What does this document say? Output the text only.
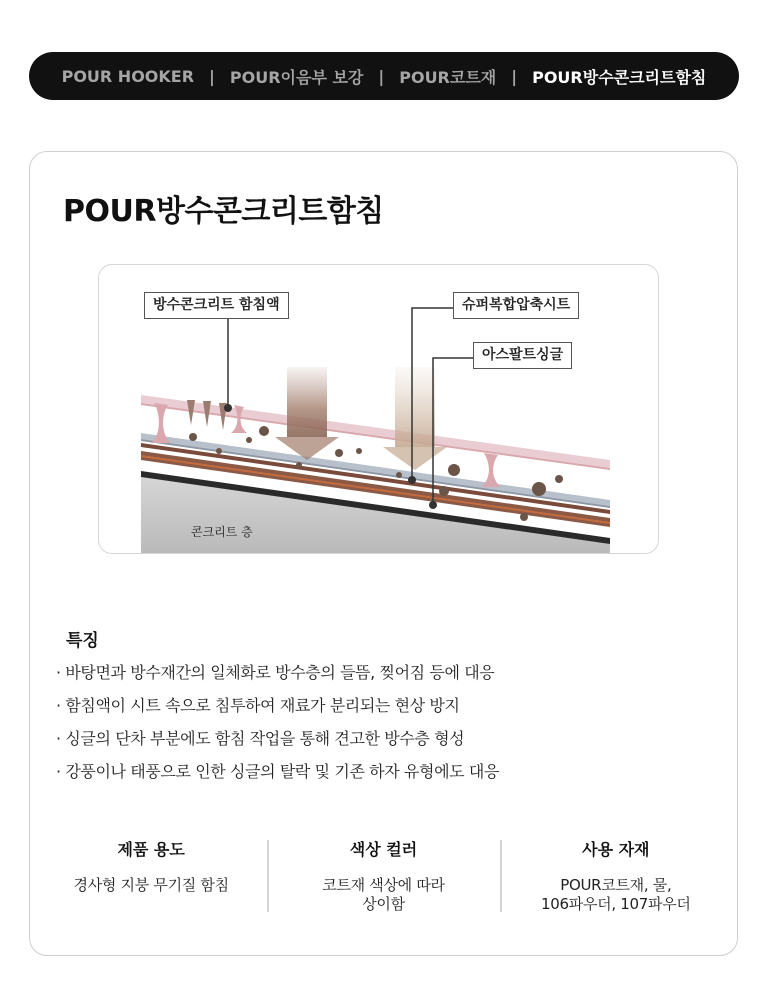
POUR HOOKER | POUR이음부 보강 | POUR코트재 | POUR방수콘크리트함침
POUR방수콘크리트함침
방수콘크리트 함침액	슈퍼복합압축시트
아스팔트싱글
콘크리트 층
특징
· 바탕면과 방수재간의 일체화로 방수층의 들뜸, 찢어짐 등에 대응
· 함침액이 시트 속으로 침투하여 재료가 분리되는 현상 방지
· 싱글의 단차 부분에도 함침 작업을 통해 견고한 방수층 형성
· 강풍이나 태풍으로 인한 싱글의 탈락 및 기존 하자 유형에도 대응
제품 용도
경사형 지붕 무기질 함침
색상 컬러
코트재 색상에 따라
상이함
사용 자재
POUR코트재, 물,
106파우더, 107파우더
